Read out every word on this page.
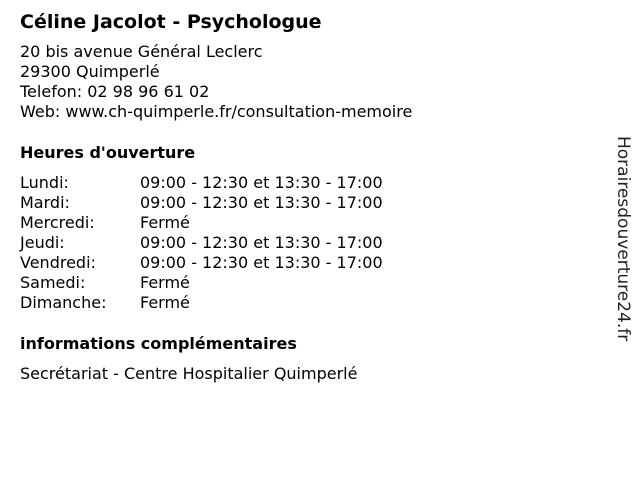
Céline Jacolot - Psychologue
20 bis avenue Général Leclerc
29300 Quimperlé
Telefon: 02 98 96 61 02
Web: www.ch-quimperle.fr/consultation-memoire
Heures d'ouverture
Lundi:	09:00 - 12:30 et 13:30 - 17:00
Mardi:	09:00 - 12:30 et 13:30 - 17:00
Mercredi:	Fermé
Jeudi:	09:00 - 12:30 et 13:30 - 17:00
Vendredi:	09:00 - 12:30 et 13:30 - 17:00
Samedi:	Fermé
Dimanche:	Fermé
informations complémentaires
Secrétariat - Centre Hospitalier Quimperlé
Horairesdouverture24.fr
